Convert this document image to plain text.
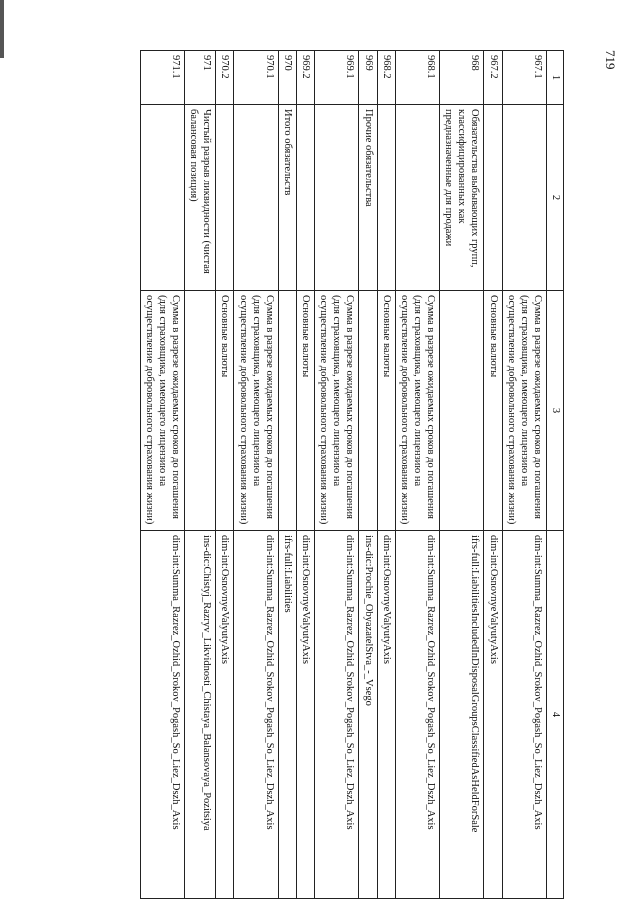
719
1	2	3	4
967.1		Сумма в разрезе ожидаемых сроков до погашения (для страховщика, имеющего лицензию на осуществление добровольного страхования жизни)	dim-int:Summa_Razrez_Ozhid_Srokov_Pogash_So_Liez_Dszh_Axis
967.2		Основные валюты	dim-int:OsnovnyeValyutyAxis
968	Обязательства выбывающих групп, классифицированных как предназначенные для продажи		ifrs-full:LiabilitiesIncludedInDisposalGroupsClassifiedAsHeldForSale
968.1		Сумма в разрезе ожидаемых сроков до погашения (для страховщика, имеющего лицензию на осуществление добровольного страхования жизни)	dim-int:Summa_Razrez_Ozhid_Srokov_Pogash_So_Liez_Dszh_Axis
968.2		Основные валюты	dim-int:OsnovnyeValyutyAxis
969	Прочие обязательства		ins-dic:Prochie_ObyazatelStva_-_Vsego
969.1		Сумма в разрезе ожидаемых сроков до погашения (для страховщика, имеющего лицензию на осуществление добровольного страхования жизни)	dim-int:Summa_Razrez_Ozhid_Srokov_Pogash_So_Liez_Dszh_Axis
969.2		Основные валюты	dim-int:OsnovnyeValyutyAxis
970	Итого обязательств		ifrs-full:Liabilities
970.1		Сумма в разрезе ожидаемых сроков до погашения (для страховщика, имеющего лицензию на осуществление добровольного страхования жизни)	dim-int:Summa_Razrez_Ozhid_Srokov_Pogash_So_Liez_Dszh_Axis
970.2		Основные валюты	dim-int:OsnovnyeValyutyAxis
971	Чистый разрыв ликвидности (чистая балансовая позиция)		ins-dic:Chistyj_Razryv_Likvidnosti_Chistaya_Balansovaya_Pozitsiya
971.1		Сумма в разрезе ожидаемых сроков до погашения (для страховщика, имеющего лицензию на осуществление добровольного страхования жизни)	dim-int:Summa_Razrez_Ozhid_Srokov_Pogash_So_Liez_Dszh_Axis
